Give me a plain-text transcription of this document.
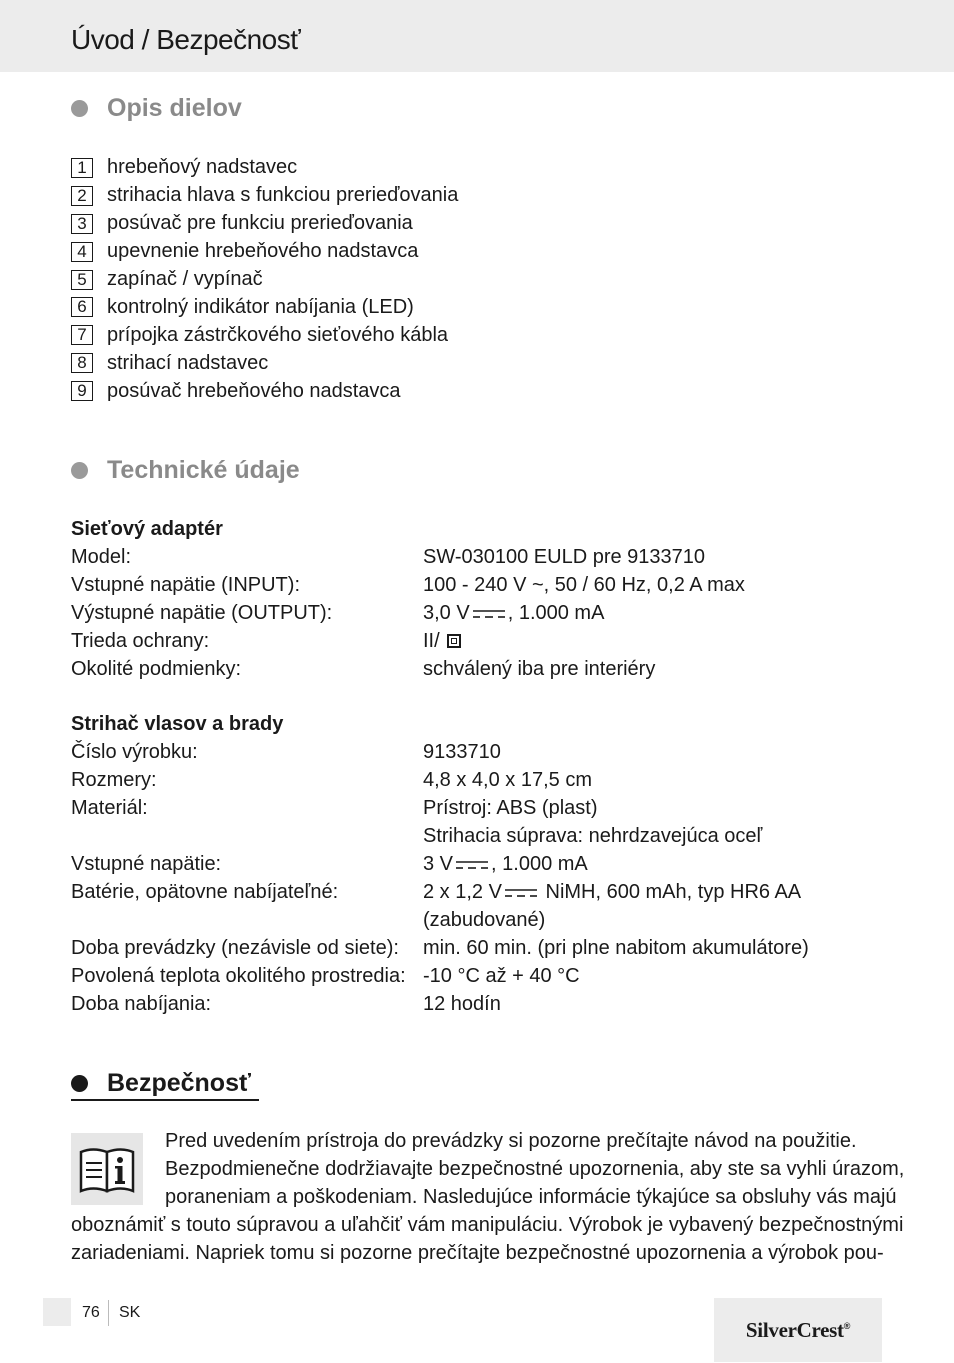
Úvod / Bezpečnosť
Opis dielov
1	hrebeňový nadstavec
2	strihacia hlava s funkciou prerieďovania
3	posúvač pre funkciu prerieďovania
4	upevnenie hrebeňového nadstavca
5	zapínač / vypínač
6	kontrolný indikátor nabíjania (LED)
7	prípojka zástrčkového sieťového kábla
8	strihací nadstavec
9	posúvač hrebeňového nadstavca
Technické údaje
Sieťový adaptér
Model:	SW-030100 EULD pre 9133710
Vstupné napätie (INPUT):	100 - 240 V ~, 50 / 60 Hz, 0,2 A max
Výstupné napätie (OUTPUT):	3,0 V , 1.000 mA
Trieda ochrany:	II/
Okolité podmienky:	schválený iba pre interiéry
Strihač vlasov a brady
Číslo výrobku:	9133710
Rozmery:	4,8 x 4,0 x 17,5 cm
Materiál:	Prístroj: ABS (plast)
Strihacia súprava: nehrdzavejúca oceľ
Vstupné napätie:	3 V , 1.000 mA
Batérie, opätovne nabíjateľné:	2 x 1,2 V NiMH, 600 mAh, typ HR6 AA
(zabudované)
Doba prevádzky (nezávisle od siete):	min. 60 min. (pri plne nabitom akumulátore)
Povolená teplota okolitého prostredia: -10 °C až + 40 °C
Doba nabíjania:	12 hodín
Bezpečnosť
Pred uvedením prístroja do prevádzky si pozorne prečítajte návod na použitie.
Bezpodmienečne dodržiavajte bezpečnostné upozornenia, aby ste sa vyhli úrazom,
poraneniam a poškodeniam. Nasledujúce informácie týkajúce sa obsluhy vás majú
oboznámiť s touto súpravou a uľahčiť vám manipuláciu. Výrobok je vybavený bezpečnostnými
zariadeniami. Napriek tomu si pozorne prečítajte bezpečnostné upozornenia a výrobok pou-
76 SK
SilverCrest®
